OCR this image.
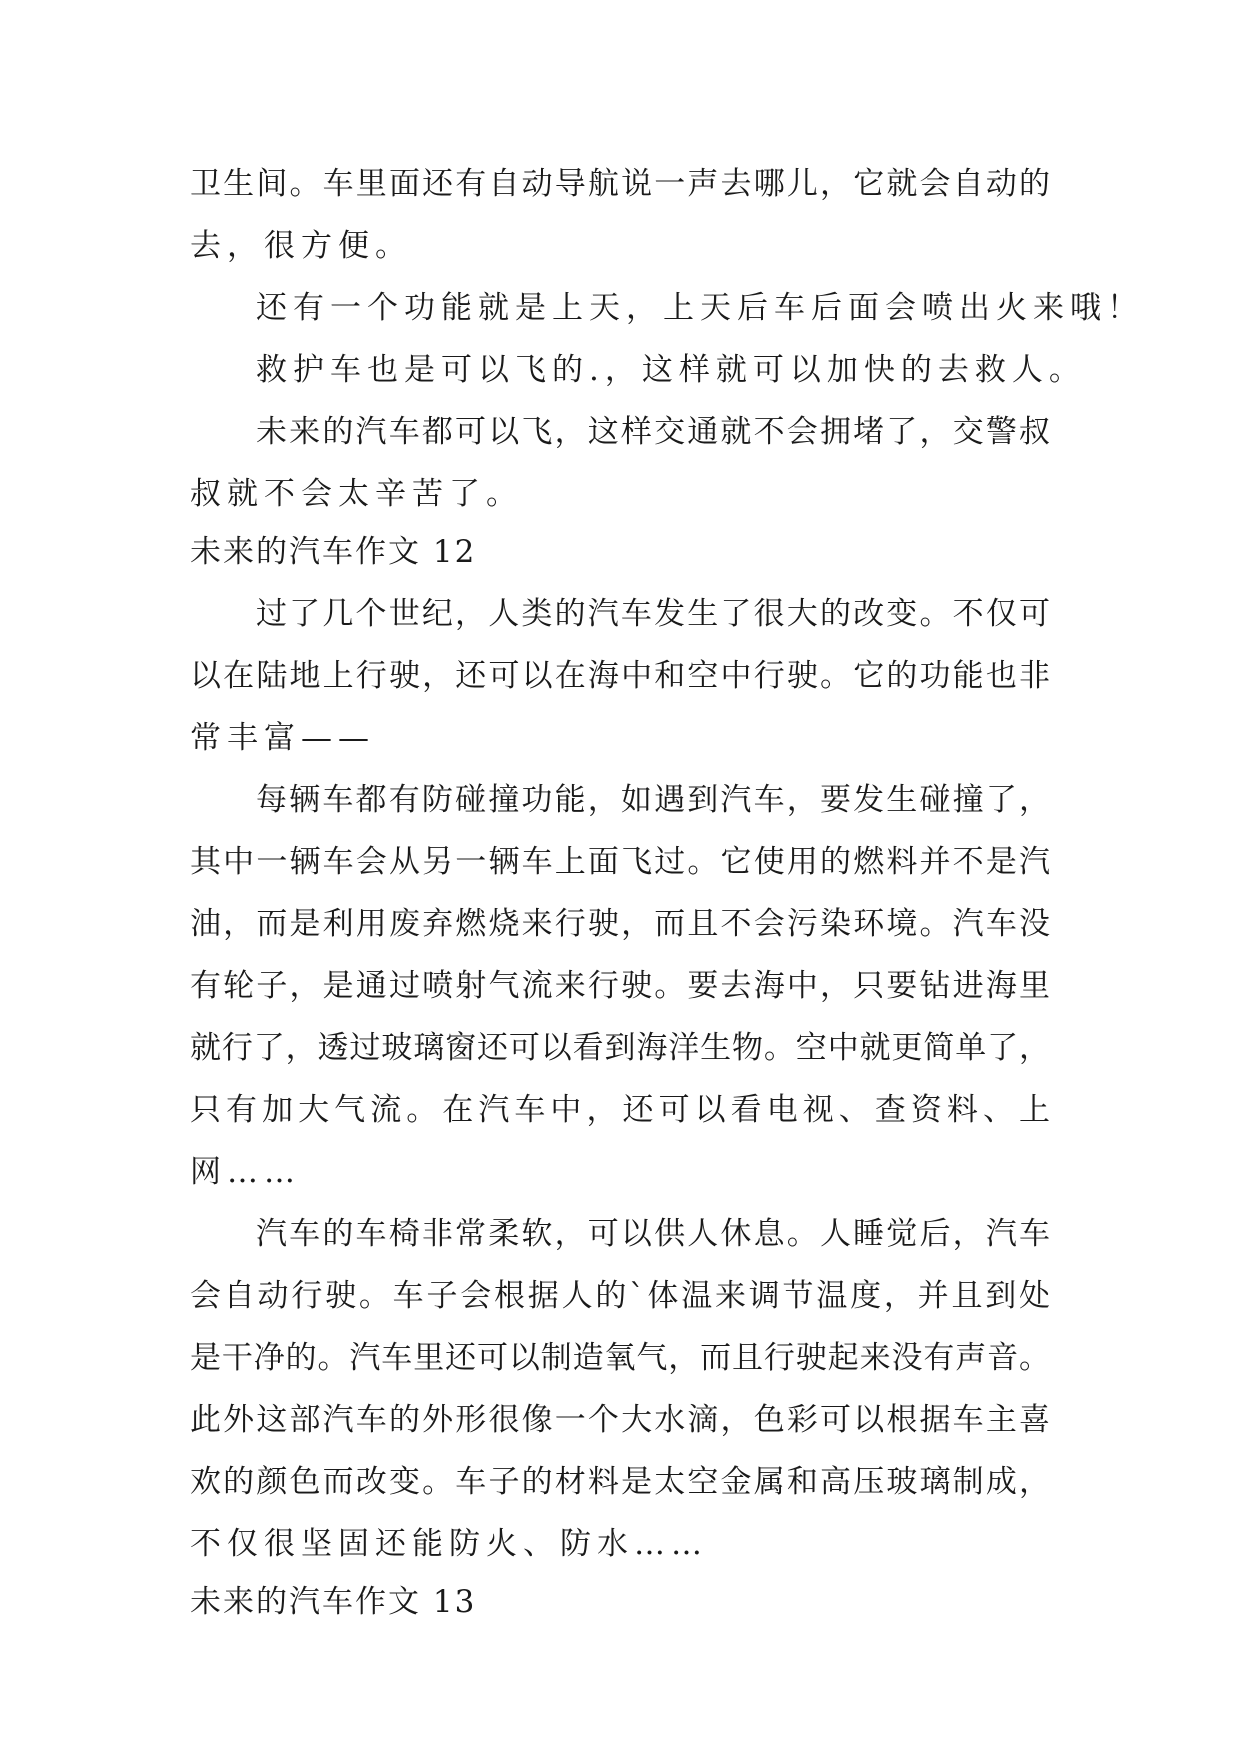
卫生间。车里面还有自动导航说一声去哪儿，它就会自动的
去，很方便。
还有一个功能就是上天，上天后车后面会喷出火来哦！
救护车也是可以飞的.，这样就可以加快的去救人。
未来的汽车都可以飞，这样交通就不会拥堵了，交警叔
叔就不会太辛苦了。
未来的汽车作文 12
过了几个世纪，人类的汽车发生了很大的改变。不仅可
以在陆地上行驶，还可以在海中和空中行驶。它的功能也非
常丰富——
每辆车都有防碰撞功能，如遇到汽车，要发生碰撞了，
其中一辆车会从另一辆车上面飞过。它使用的燃料并不是汽
油，而是利用废弃燃烧来行驶，而且不会污染环境。汽车没
有轮子，是通过喷射气流来行驶。要去海中，只要钻进海里
就行了，透过玻璃窗还可以看到海洋生物。空中就更简单了，
只有加大气流。在汽车中，还可以看电视、查资料、上
网……
汽车的车椅非常柔软，可以供人休息。人睡觉后，汽车
会自动行驶。车子会根据人的`体温来调节温度，并且到处
是干净的。汽车里还可以制造氧气，而且行驶起来没有声音。
此外这部汽车的外形很像一个大水滴，色彩可以根据车主喜
欢的颜色而改变。车子的材料是太空金属和高压玻璃制成，
不仅很坚固还能防火、防水……
未来的汽车作文 13
